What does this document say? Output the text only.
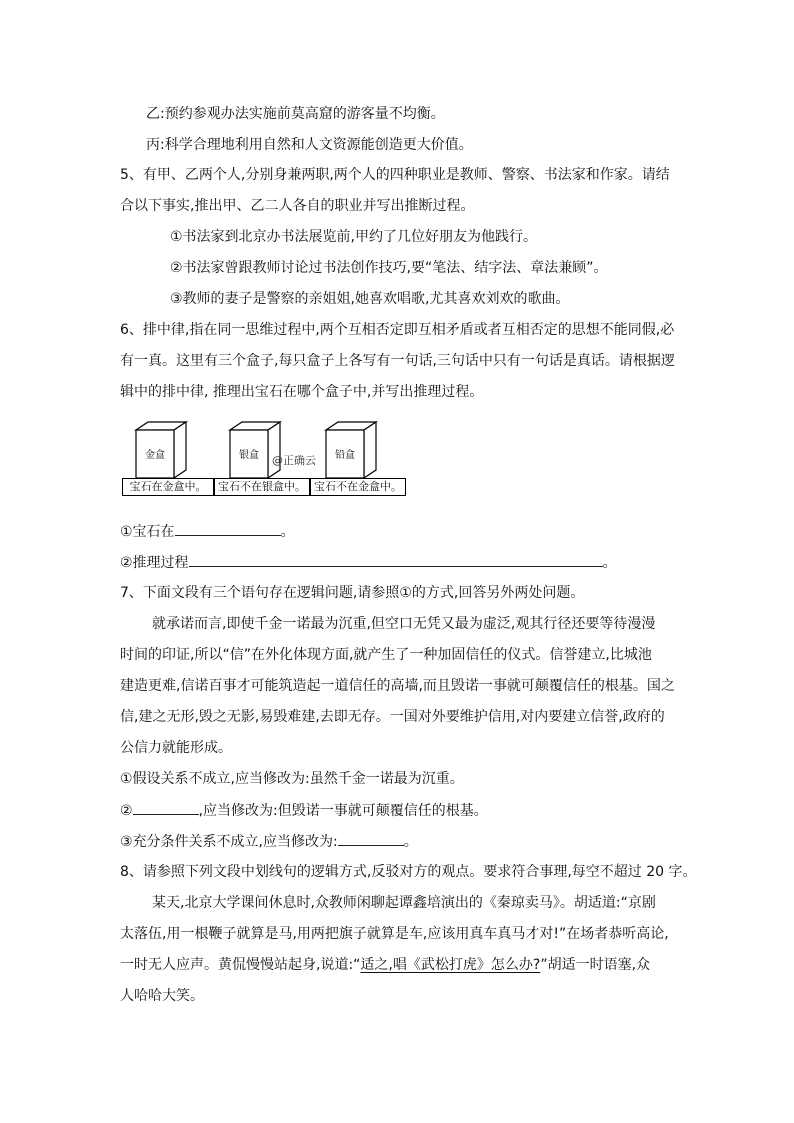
乙:预约参观办法实施前莫高窟的游客量不均衡。
丙:科学合理地利用自然和人文资源能创造更大价值。
5、有甲、乙两个人,分别身兼两职,两个人的四种职业是教师、警察、书法家和作家。请结
合以下事实,推出甲、乙二人各自的职业并写出推断过程。
①书法家到北京办书法展览前,甲约了几位好朋友为他践行。
②书法家曾跟教师讨论过书法创作技巧,要“笔法、结字法、章法兼顾”。
③教师的妻子是警察的亲姐姐,她喜欢唱歌,尤其喜欢刘欢的歌曲。
6、排中律,指在同一思维过程中,两个互相否定即互相矛盾或者互相否定的思想不能同假,必
有一真。这里有三个盒子,每只盒子上各写有一句话,三句话中只有一句话是真话。请根据逻
辑中的排中律, 推理出宝石在哪个盒子中,并写出推理过程。
金盒
宝石在金盒中。
银盒
宝石不在银盒中。
铅盒
宝石不在金盒中。
@正确云
①宝石在	。
②推理过程	。
7、下面文段有三个语句存在逻辑问题,请参照①的方式,回答另外两处问题。
就承诺而言,即使千金一诺最为沉重,但空口无凭又最为虚泛,观其行径还要等待漫漫
时间的印证,所以“信”在外化体现方面,就产生了一种加固信任的仪式。信誉建立,比城池
建造更难,信诺百事才可能筑造起一道信任的高墙,而且毁诺一事就可颠覆信任的根基。国之
信,建之无形,毁之无影,易毁难建,去即无存。一国对外要维护信用,对内要建立信誉,政府的
公信力就能形成。
①假设关系不成立,应当修改为:虽然千金一诺最为沉重。
②	,应当修改为:但毁诺一事就可颠覆信任的根基。
③充分条件关系不成立,应当修改为:	。
8、请参照下列文段中划线句的逻辑方式,反驳对方的观点。要求符合事理,每空不超过 20 字。
某天,北京大学课间休息时,众教师闲聊起谭鑫培演出的《秦琼卖马》。胡适道:“京剧
太落伍,用一根鞭子就算是马,用两把旗子就算是车,应该用真车真马才对!”在场者恭听高论,
一时无人应声。黄侃慢慢站起身,说道:“适之,唱《武松打虎》怎么办?”胡适一时语塞,众
人哈哈大笑。
